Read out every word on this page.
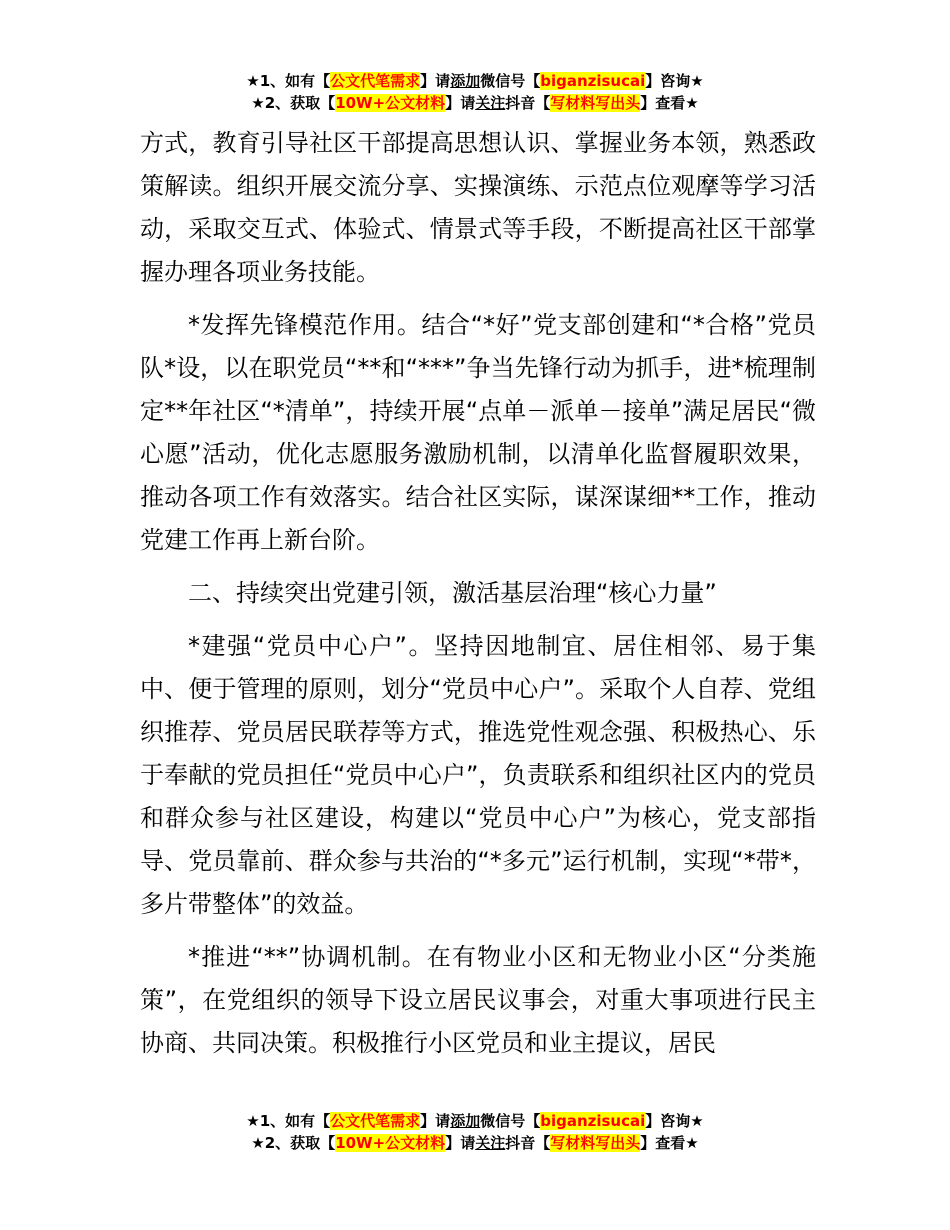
★1、如有【公文代笔需求】请添加微信号【biganzisucai】咨询★
★2、获取【10W+公文材料】请关注抖音【写材料写出头】查看★

方式，教育引导社区干部提高思想认识、掌握业务本领，熟悉政策解读。组织开展交流分享、实操演练、示范点位观摩等学习活动，采取交互式、体验式、情景式等手段，不断提高社区干部掌握办理各项业务技能。

*发挥先锋模范作用。结合“*好”党支部创建和“*合格”党员队*设，以在职党员“**和“***”争当先锋行动为抓手，进*梳理制定**年社区“*清单”，持续开展“点单－派单－接单”满足居民“微心愿”活动，优化志愿服务激励机制，以清单化监督履职效果，推动各项工作有效落实。结合社区实际，谋深谋细**工作，推动党建工作再上新台阶。

二、持续突出党建引领，激活基层治理“核心力量”

*建强“党员中心户”。坚持因地制宜、居住相邻、易于集中、便于管理的原则，划分“党员中心户”。采取个人自荐、党组织推荐、党员居民联荐等方式，推选党性观念强、积极热心、乐于奉献的党员担任“党员中心户”，负责联系和组织社区内的党员和群众参与社区建设，构建以“党员中心户”为核心，党支部指导、党员靠前、群众参与共治的“*多元”运行机制，实现“*带*，多片带整体”的效益。

*推进“**”协调机制。在有物业小区和无物业小区“分类施策”，在党组织的领导下设立居民议事会，对重大事项进行民主协商、共同决策。积极推行小区党员和业主提议，居民

★1、如有【公文代笔需求】请添加微信号【biganzisucai】咨询★
★2、获取【10W+公文材料】请关注抖音【写材料写出头】查看★
